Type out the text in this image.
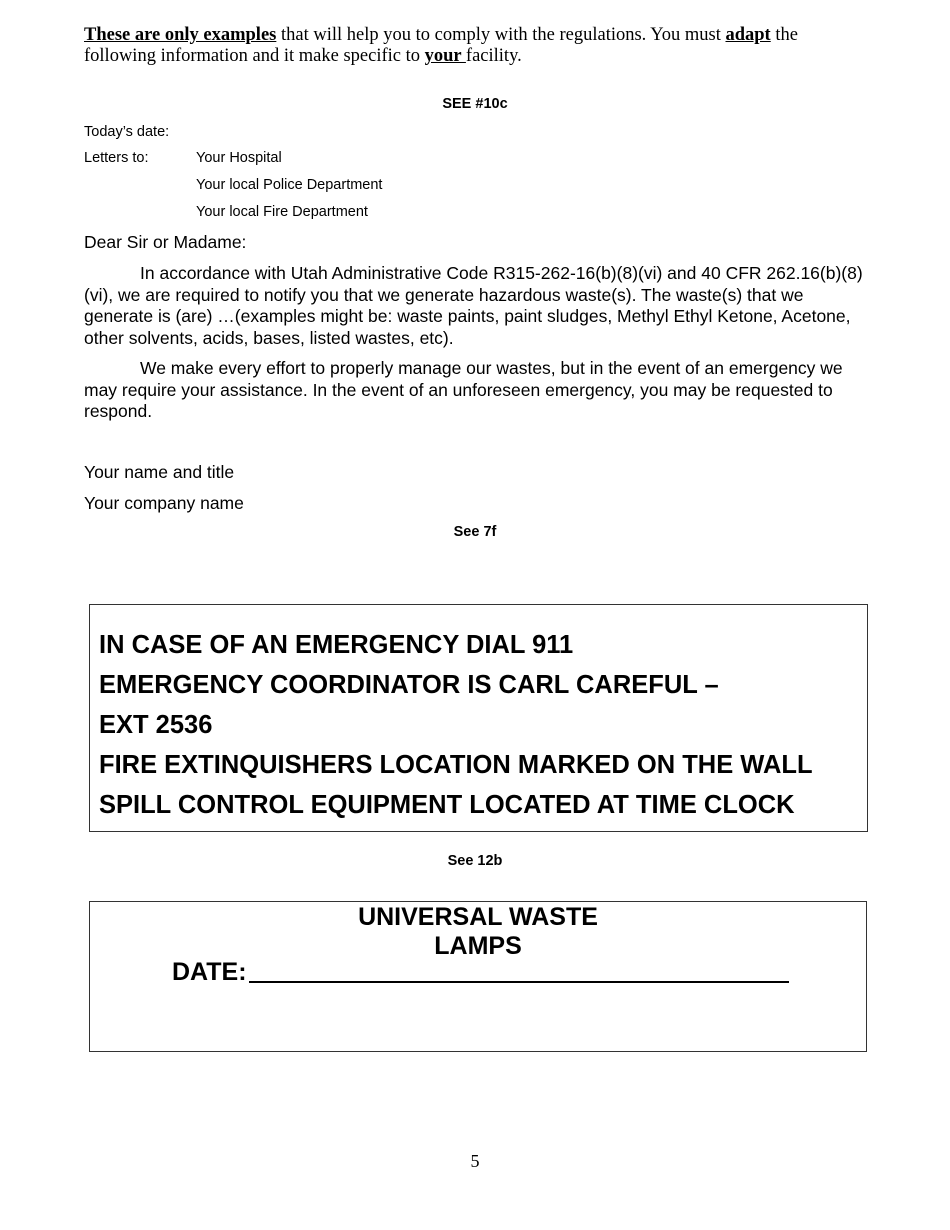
These are only examples that will help you to comply with the regulations. You must adapt the following information and it make specific to your facility.
SEE #10c
Today’s date:
Letters to:	Your Hospital
Your local Police Department
Your local Fire Department
Dear Sir or Madame:
In accordance with Utah Administrative Code R315-262-16(b)(8)(vi) and 40 CFR 262.16(b)(8)(vi), we are required to notify you that we generate hazardous waste(s). The waste(s) that we generate is (are) …(examples might be: waste paints, paint sludges, Methyl Ethyl Ketone, Acetone, other solvents, acids, bases, listed wastes, etc).
We make every effort to properly manage our wastes, but in the event of an emergency we may require your assistance. In the event of an unforeseen emergency, you may be requested to respond.
Your name and title
Your company name
See 7f
IN CASE OF AN EMERGENCY DIAL 911
EMERGENCY COORDINATOR IS CARL CAREFUL –
EXT 2536
FIRE EXTINQUISHERS LOCATION MARKED ON THE WALL
SPILL CONTROL EQUIPMENT LOCATED AT TIME CLOCK
See 12b
UNIVERSAL WASTE
LAMPS
DATE:
5
